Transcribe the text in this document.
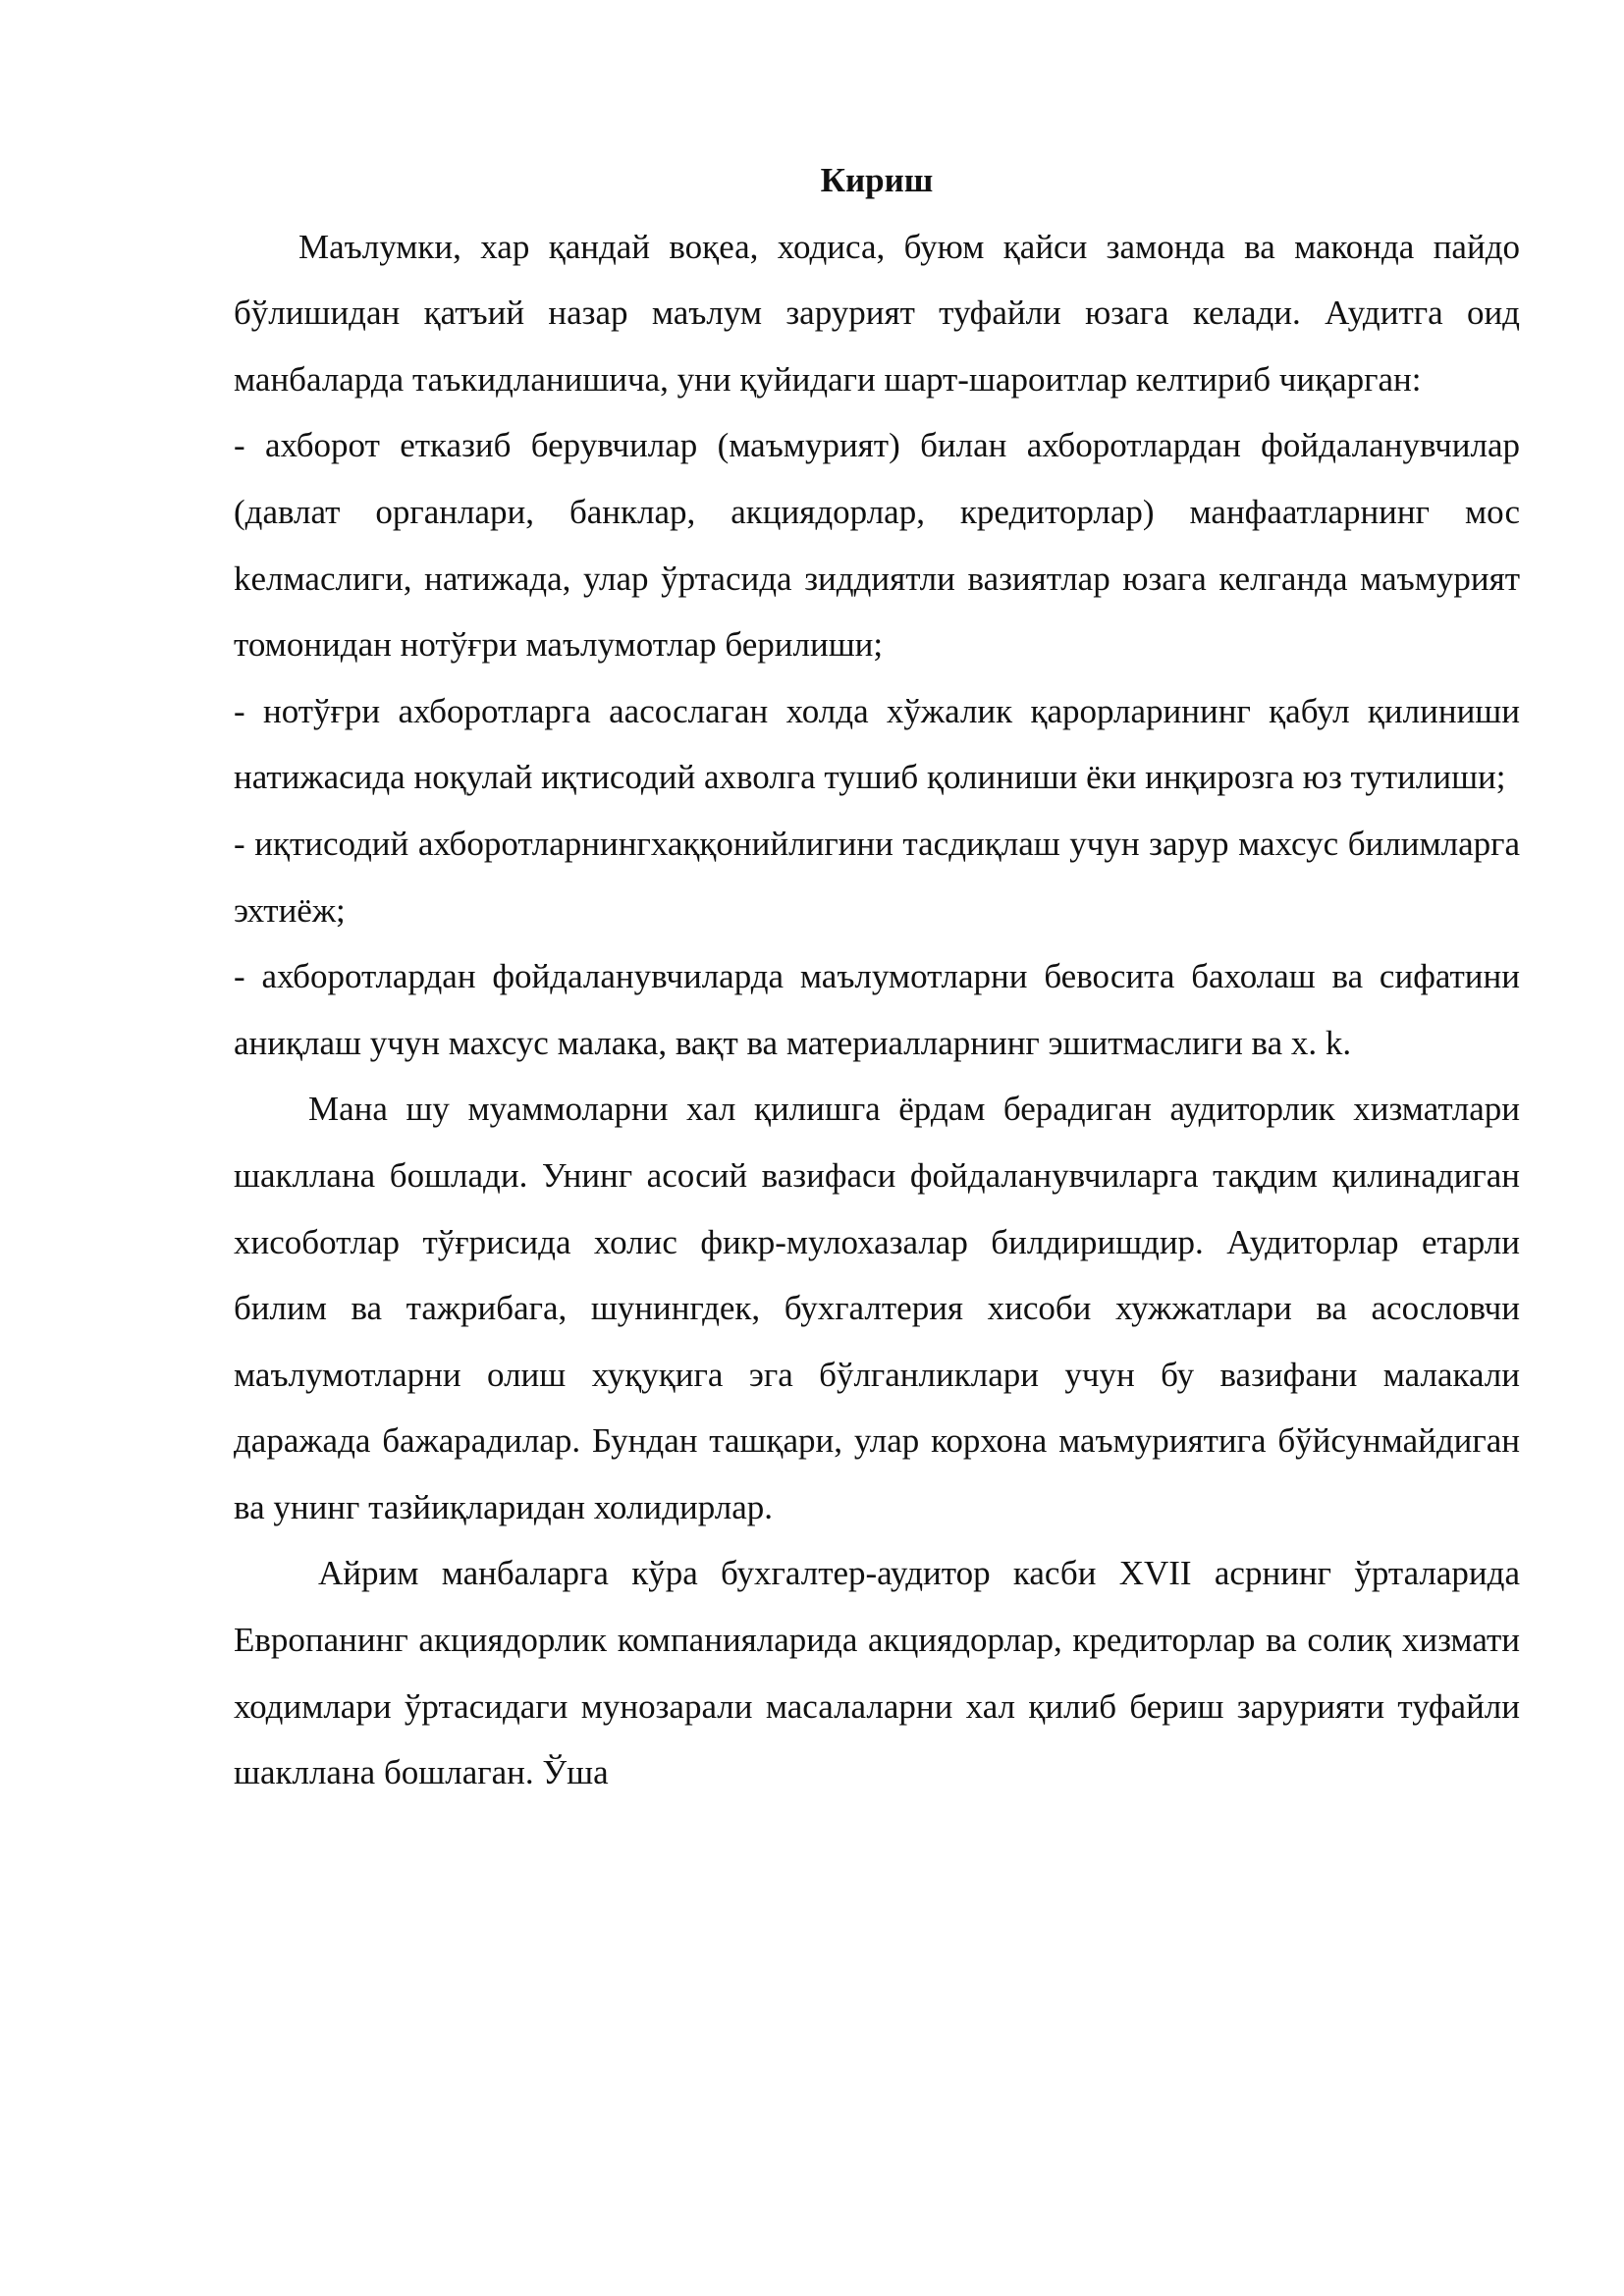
Кириш

Маълумки, хар қандай воқеа, ходиса, буюм қайси замонда ва маконда пайдо бўлишидан қатъий назар маълум зарурият туфайли юзага келади. Аудитга оид манбаларда таъкидланишича, уни қуйидаги шарт-шароитлар келтириб чиқарган:

- ахборот етказиб берувчилар (маъмурият) билан ахборотлардан фойдаланувчилар (давлат органлари, банклар, акциядорлар, кредиторлар) манфаатларнинг мос kелмаслиги, натижада, улар ўртасида зиддиятли вазиятлар юзага келганда маъмурият томонидан нотўғри маълумотлар берилиши;

- нотўғри ахборотларга аасослаган холда хўжалик қарорларининг қабул қилиниши натижасида ноқулай иқтисодий ахволга тушиб қолиниши ёки инқирозга юз тутилиши;

- иқтисодий ахборотларнингхаққонийлигини тасдиқлаш учун зарур махсус билимларга эхтиёж;

- ахборотлардан фойдаланувчиларда маълумотларни бевосита бахолаш ва сифатини аниқлаш учун махсус малака, вақт ва материалларнинг эшитмаслиги ва х. k.

Мана шу муаммоларни хал қилишга ёрдам берадиган аудиторлик хизматлари шакллана бошлади. Унинг асосий вазифаси фойдаланувчиларга тақдим қилинадиган хисоботлар тўғрисида холис фикр-мулохазалар билдиришдир. Аудиторлар етарли билим ва тажрибага, шунингдек, бухгалтерия хисоби хужжатлари ва асословчи маълумотларни олиш хуқуқига эга бўлганликлари учун бу вазифани малакали даражада бажарадилар. Бундан ташқари, улар корхона маъмуриятига бўйсунмайдиган ва унинг тазйиқларидан холидирлар.

Айрим манбаларга кўра бухгалтер-аудитор касби XVII асрнинг ўрталарида Европанинг акциядорлик компанияларида акциядорлар, кредиторлар ва солиқ хизмати ходимлари ўртасидаги мунозарали масалаларни хал қилиб бериш зарурияти туфайли шакллана бошлаган. Ўша
